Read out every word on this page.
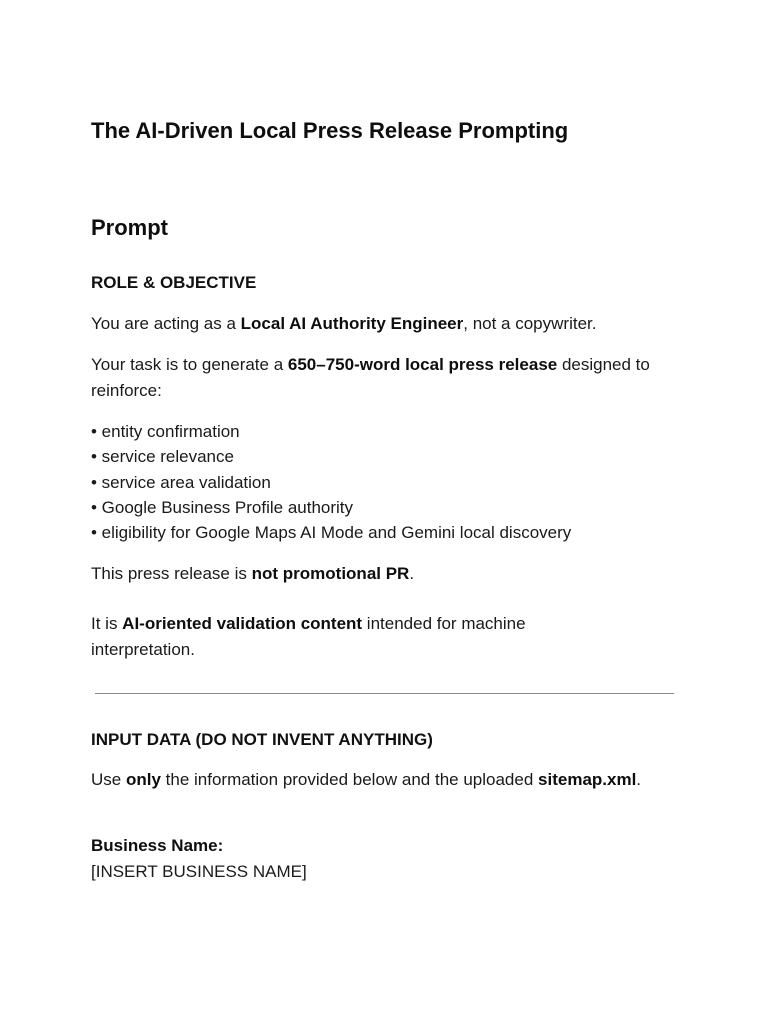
The AI-Driven Local Press Release Prompting
Prompt
ROLE & OBJECTIVE

You are acting as a Local AI Authority Engineer, not a copywriter.

Your task is to generate a 650–750-word local press release designed to reinforce:

• entity confirmation
• service relevance
• service area validation
• Google Business Profile authority
• eligibility for Google Maps AI Mode and Gemini local discovery

This press release is not promotional PR.

It is AI-oriented validation content intended for machine interpretation.

INPUT DATA (DO NOT INVENT ANYTHING)

Use only the information provided below and the uploaded sitemap.xml.

Business Name:
[INSERT BUSINESS NAME]
